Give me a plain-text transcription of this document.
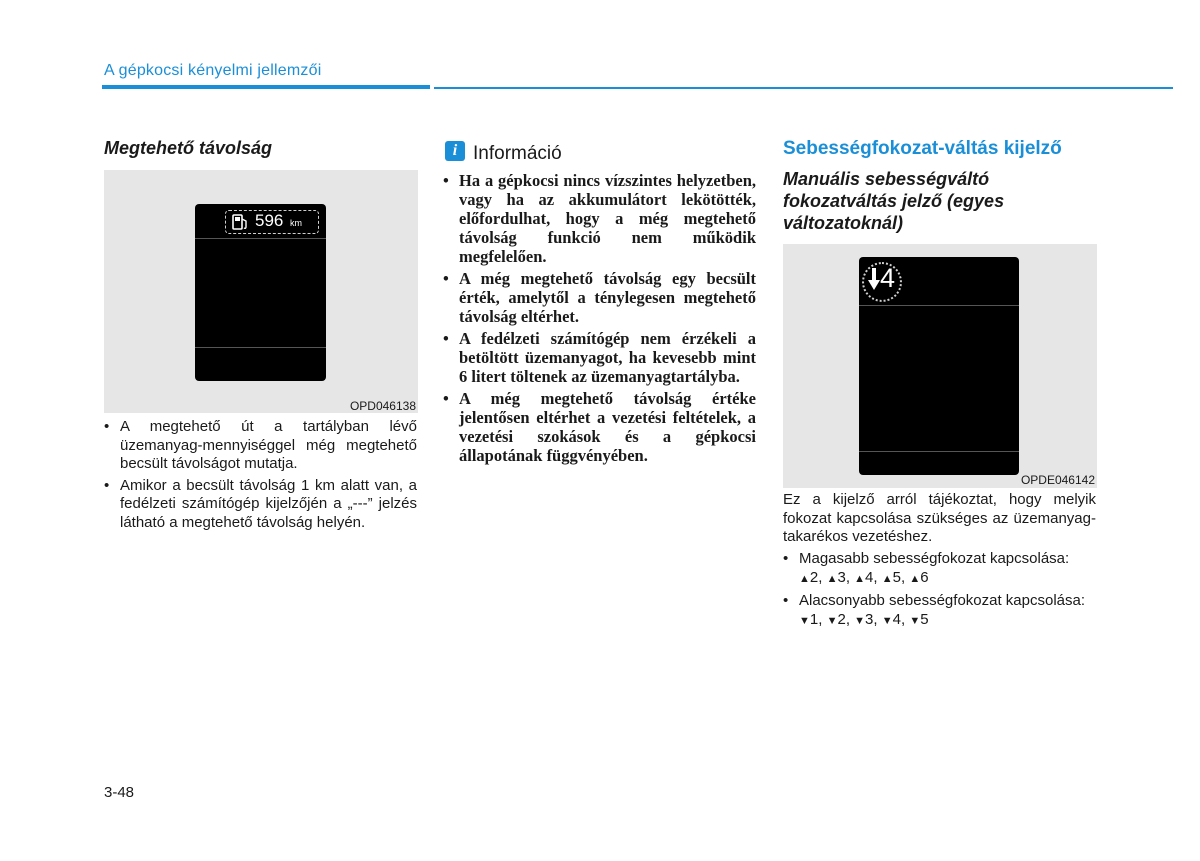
A gépkocsi kényelmi jellemzői
Megtehető távolság
596 km
OPD046138
• A megtehető út a tartályban lévő üzemanyag-mennyiséggel még megtehető becsült távolságot mutatja.
• Amikor a becsült távolság 1 km alatt van, a fedélzeti számítógép kijelzőjén a „---” jelzés látható a megtehető távolság helyén.
i Információ
• Ha a gépkocsi nincs vízszintes helyzetben, vagy ha az akkumulátort lekötötték, előfordulhat, hogy a még megtehető távolság funkció nem működik megfelelően.
• A még megtehető távolság egy becsült érték, amelytől a ténylegesen megtehető távolság eltérhet.
• A fedélzeti számítógép nem érzékeli a betöltött üzemanyagot, ha kevesebb mint 6 litert töltenek az üzemanyagtartályba.
• A még megtehető távolság értéke jelentősen eltérhet a vezetési feltételek, a vezetési szokások és a gépkocsi állapotának függvényében.
Sebességfokozat-váltás kijelző
Manuális sebességváltó fokozatváltás jelző (egyes változatoknál)
4
OPDE046142
Ez a kijelző arról tájékoztat, hogy melyik fokozat kapcsolása szükséges az üzemanyag-takarékos vezetéshez.
• Magasabb sebességfokozat kapcsolása:
▲2, ▲3, ▲4, ▲5, ▲6
• Alacsonyabb sebességfokozat kapcsolása:
▼1, ▼2, ▼3, ▼4, ▼5
3-48
